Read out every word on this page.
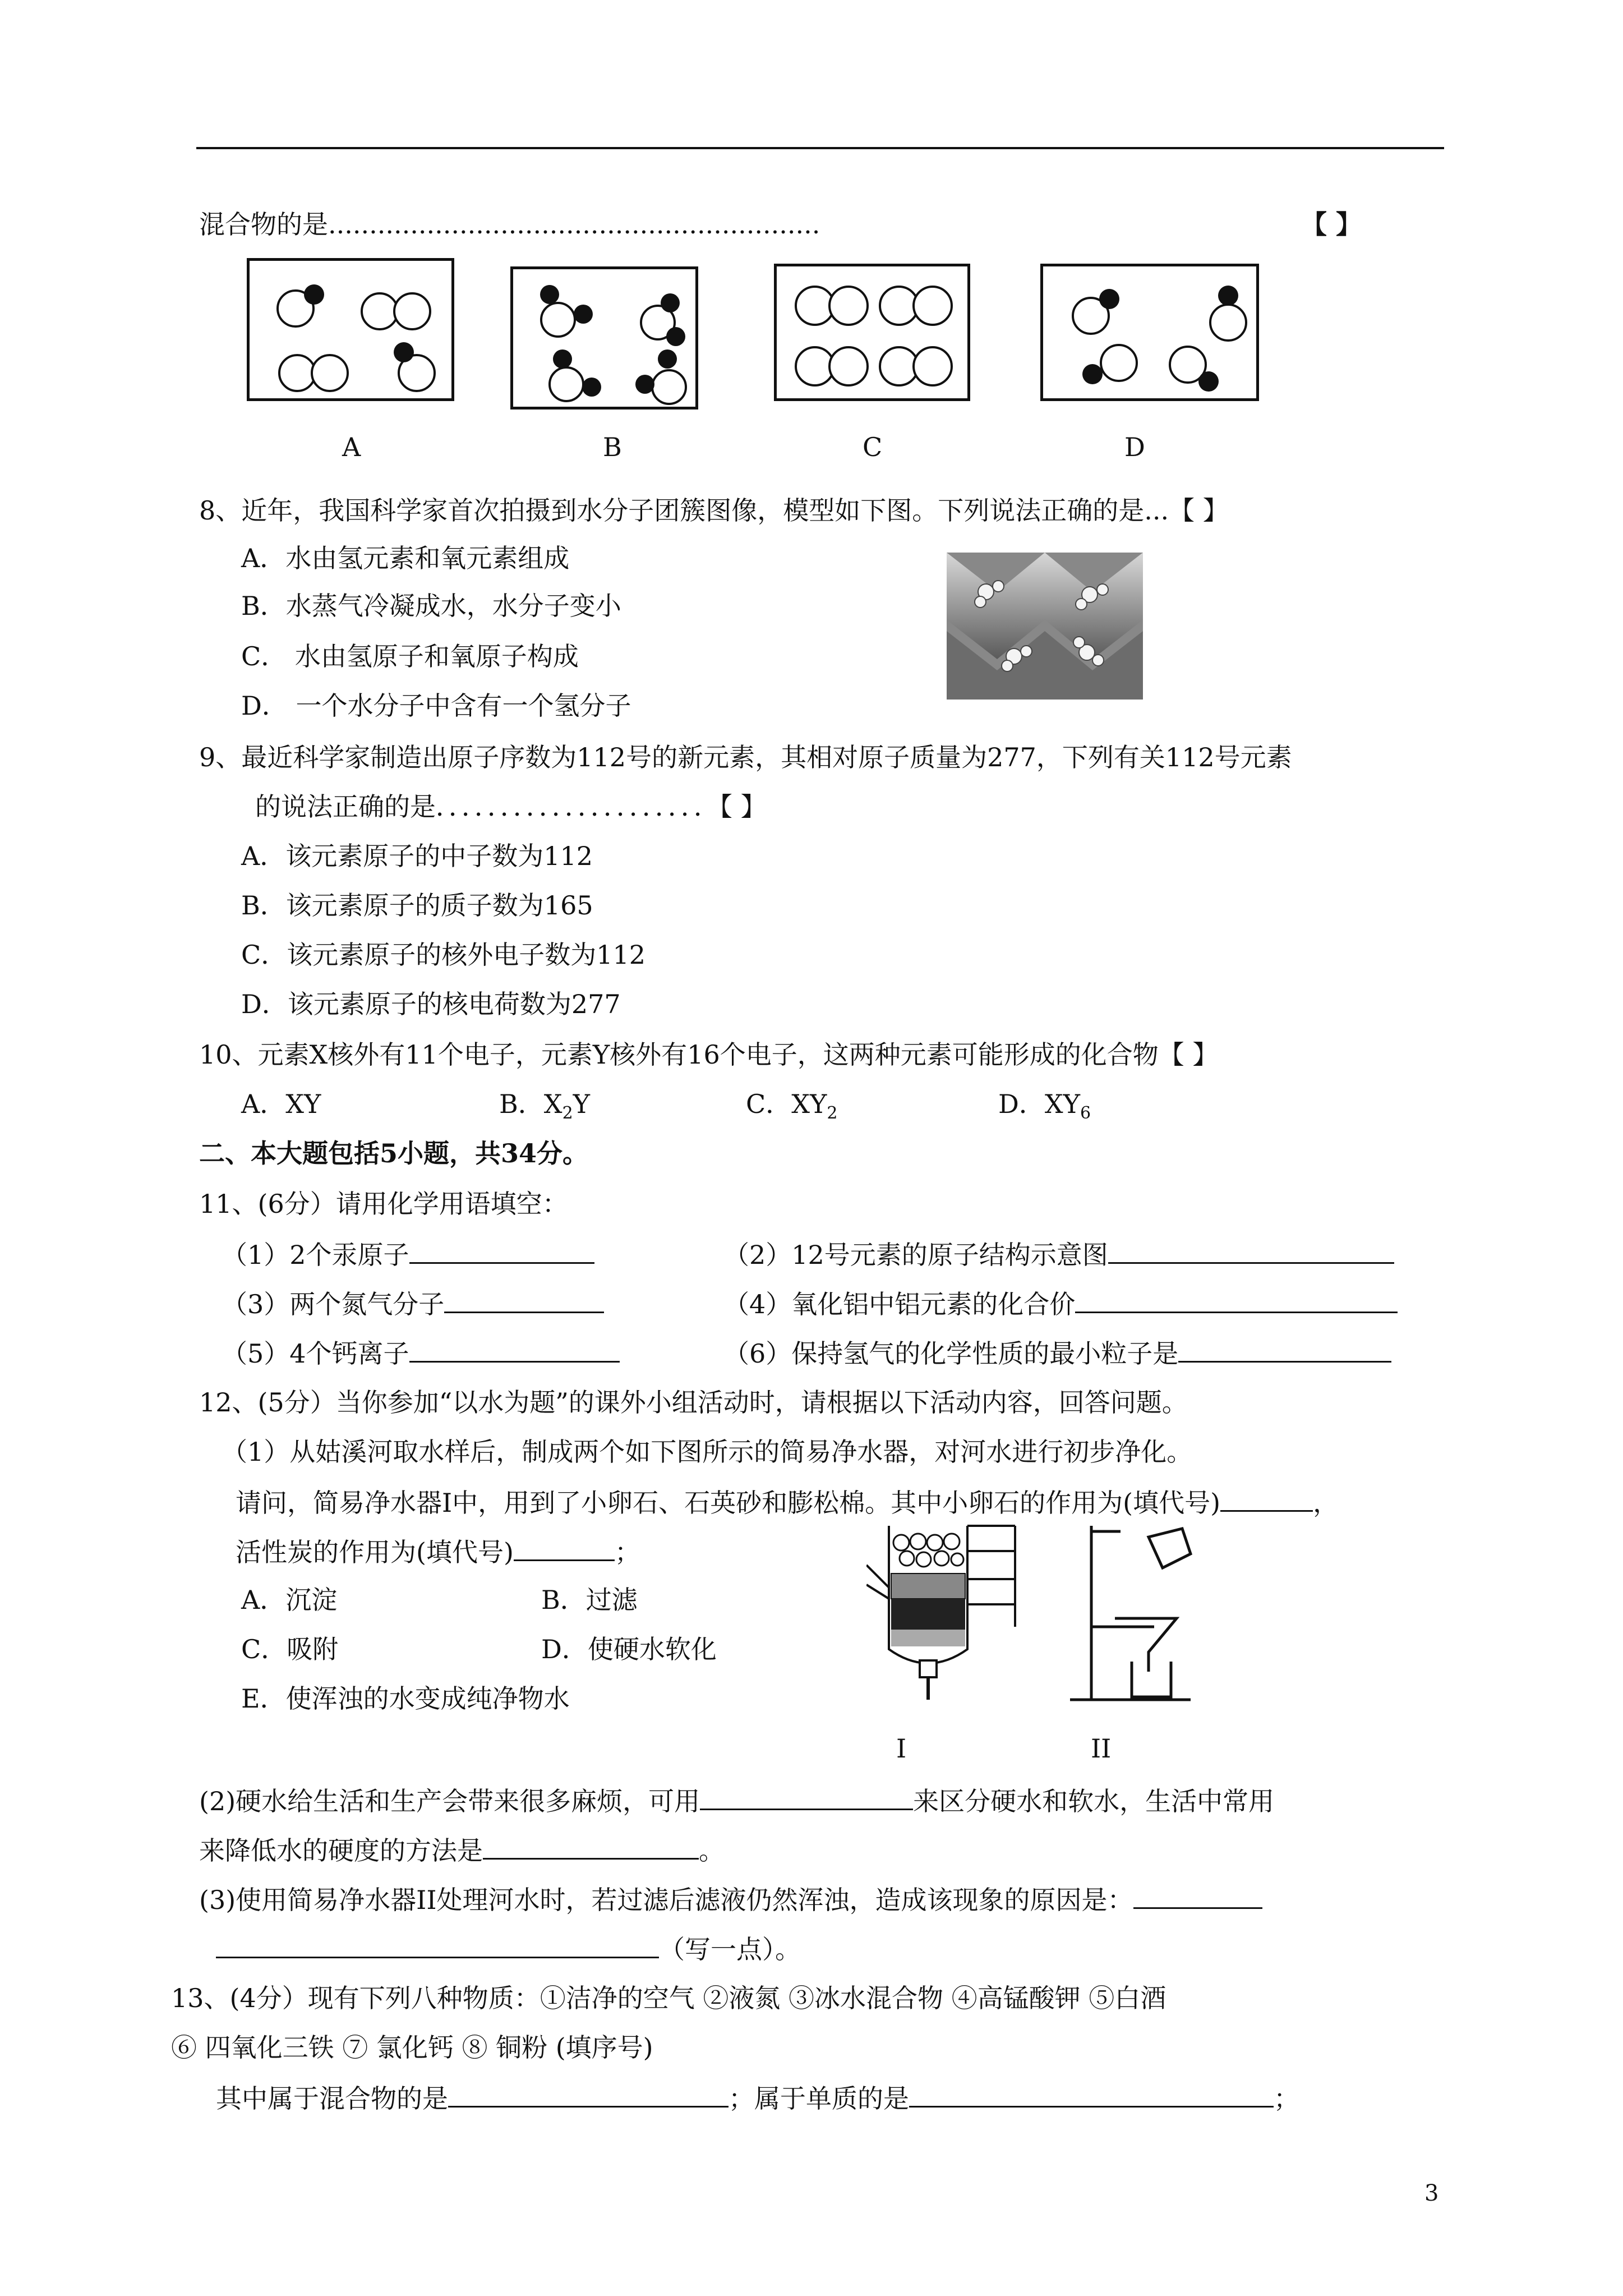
混合物的是............................................................	【 】
A	B	C	D
8、近年，我国科学家首次拍摄到水分子团簇图像，模型如下图。下列说法正确的是...【 】
A．水由氢元素和氧元素组成
B．水蒸气冷凝成水，水分子变小
C． 水由氢原子和氧原子构成
D． 一个水分子中含有一个氢分子
9、最近科学家制造出原子序数为112号的新元素，其相对原子质量为277，下列有关112号元素
的说法正确的是．．．．．．．．．．．．．．．．．．．．．【 】
A．该元素原子的中子数为112
B．该元素原子的质子数为165
C．该元素原子的核外电子数为112
D．该元素原子的核电荷数为277
10、元素X核外有11个电子，元素Y核外有16个电子，这两种元素可能形成的化合物【 】
A．XY	B．$X_2Y$	C．$XY_2$	D．$XY_6$
二、本大题包括5小题，共34分。
11、(6分）请用化学用语填空：
（1）2个汞原子	（2）12号元素的原子结构示意图
（3）两个氮气分子	（4）氧化铝中铝元素的化合价
（5）4个钙离子	（6）保持氢气的化学性质的最小粒子是
12、(5分）当你参加“以水为题”的课外小组活动时，请根据以下活动内容，回答问题。
（1）从姑溪河取水样后，制成两个如下图所示的简易净水器，对河水进行初步净化。
请问，简易净水器I中，用到了小卵石、石英砂和膨松棉。其中小卵石的作用为(填代号)	，
活性炭的作用为(填代号)	；
A．沉淀	B．过滤
C．吸附	D．使硬水软化
E．使浑浊的水变成纯净物水
I	II
(2)硬水给生活和生产会带来很多麻烦，可用	来区分硬水和软水，生活中常用
来降低水的硬度的方法是	。
(3)使用简易净水器II处理河水时，若过滤后滤液仍然浑浊，造成该现象的原因是：
（写一点）。
13、(4分）现有下列八种物质：①洁净的空气 ②液氮 ③冰水混合物 ④高锰酸钾 ⑤白酒
⑥ 四氧化三铁 ⑦ 氯化钙 ⑧ 铜粉 (填序号)
其中属于混合物的是	；属于单质的是	；
3
